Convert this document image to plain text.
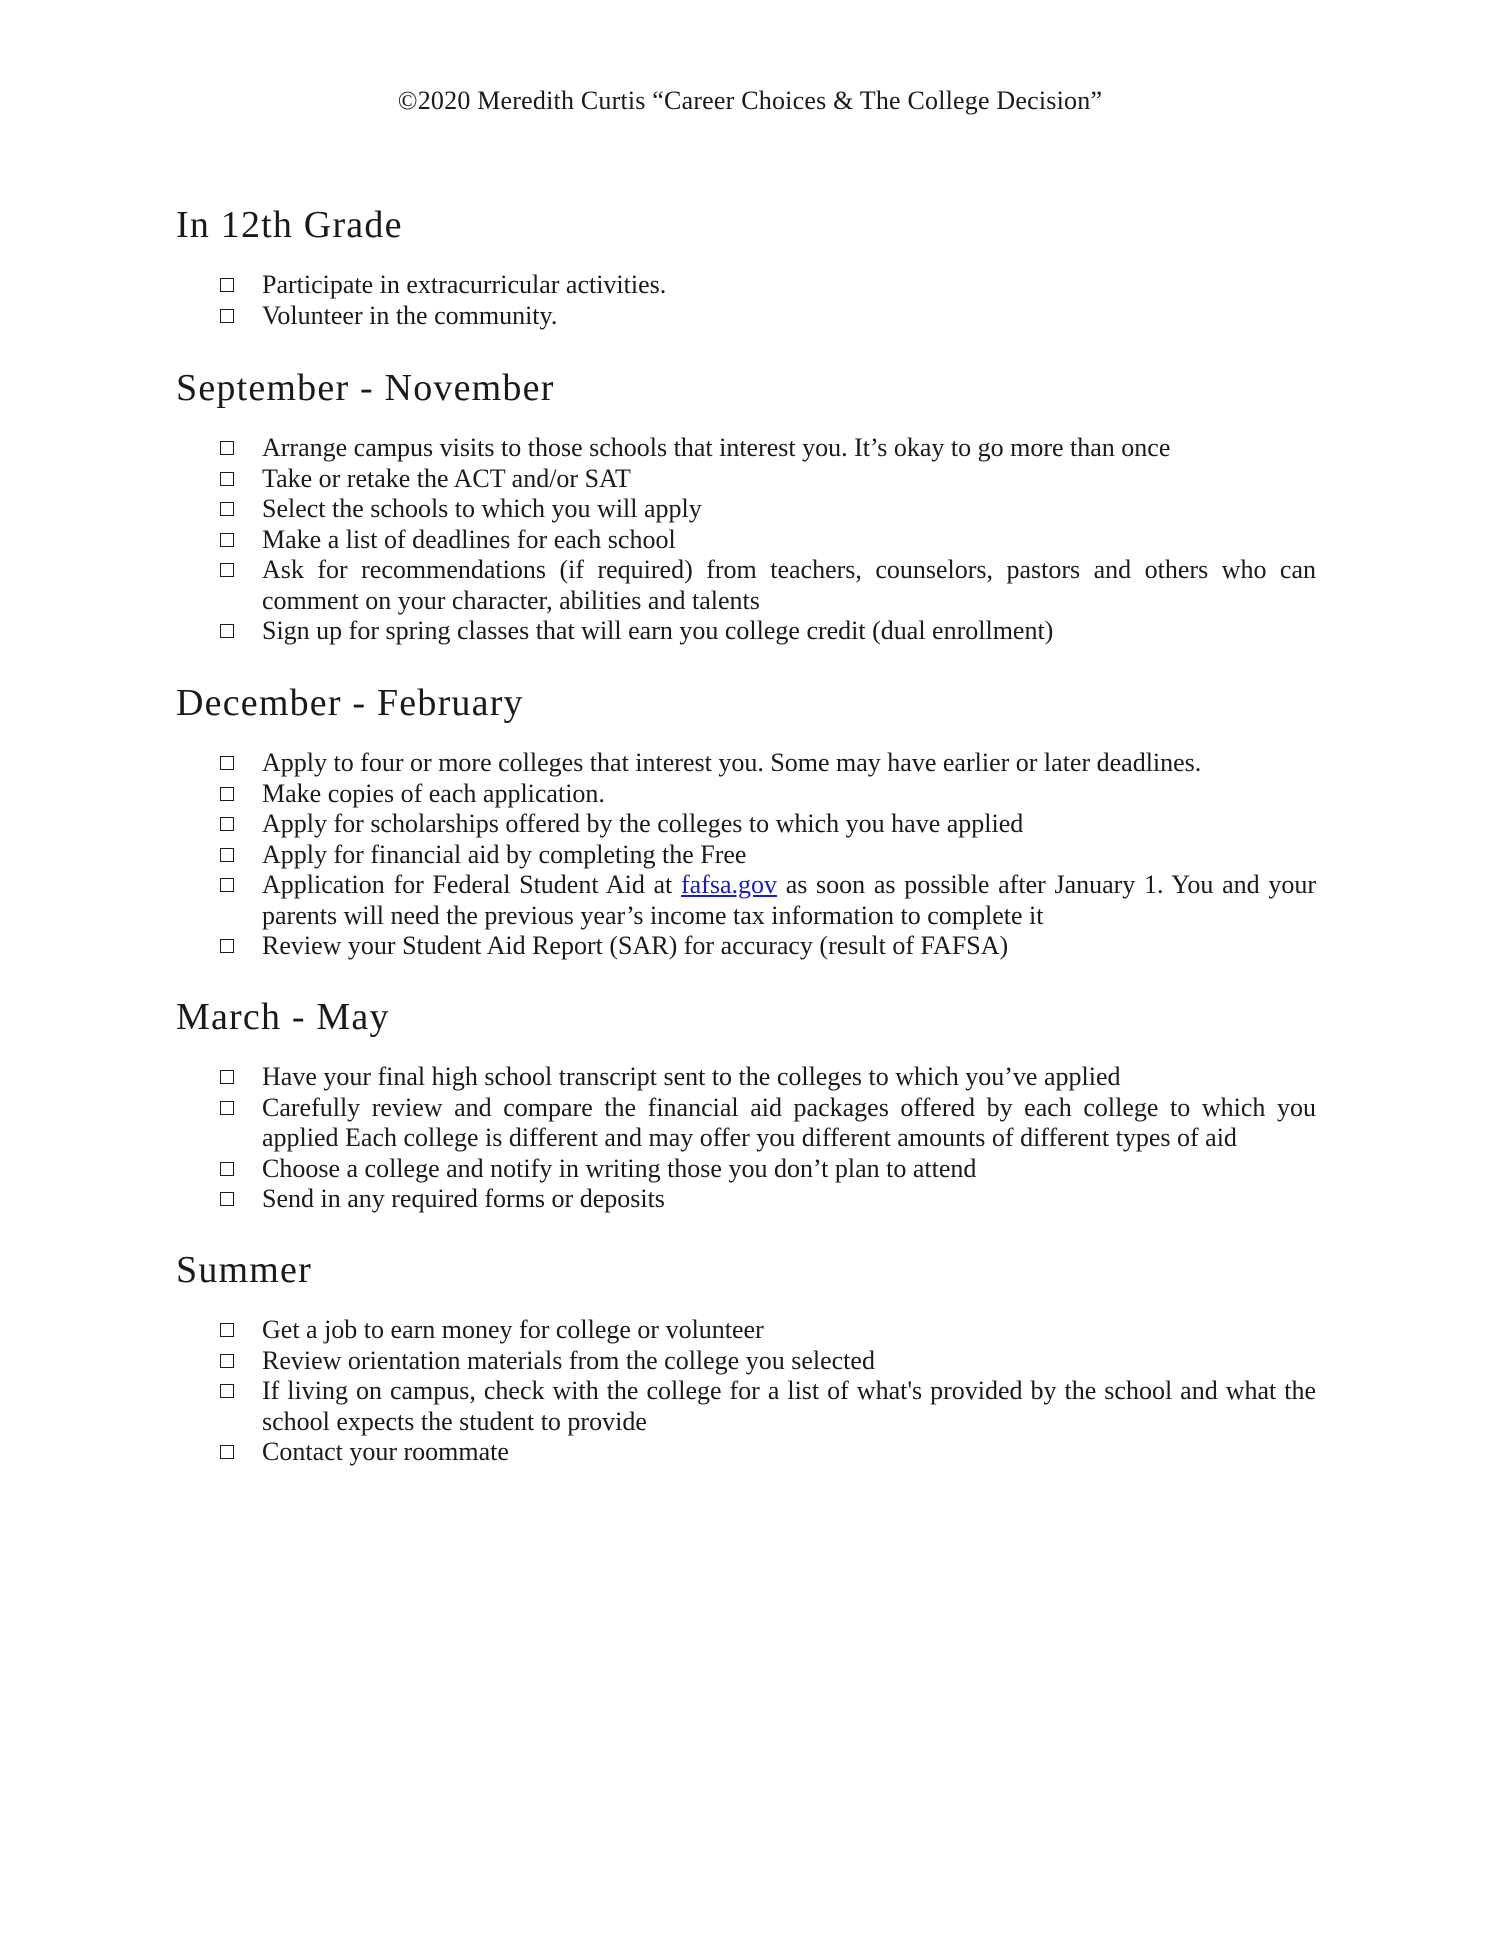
©2020 Meredith Curtis “Career Choices & The College Decision”
In 12th Grade
Participate in extracurricular activities.
Volunteer in the community.
September - November
Arrange campus visits to those schools that interest you. It’s okay to go more than once
Take or retake the ACT and/or SAT
Select the schools to which you will apply
Make a list of deadlines for each school
Ask for recommendations (if required) from teachers, counselors, pastors and others who can comment on your character, abilities and talents
Sign up for spring classes that will earn you college credit (dual enrollment)
December - February
Apply to four or more colleges that interest you. Some may have earlier or later deadlines.
Make copies of each application.
Apply for scholarships offered by the colleges to which you have applied
Apply for financial aid by completing the Free
Application for Federal Student Aid at fafsa.gov as soon as possible after January 1. You and your parents will need the previous year’s income tax information to complete it
Review your Student Aid Report (SAR) for accuracy (result of FAFSA)
March - May
Have your final high school transcript sent to the colleges to which you’ve applied
Carefully review and compare the financial aid packages offered by each college to which you applied Each college is different and may offer you different amounts of different types of aid
Choose a college and notify in writing those you don’t plan to attend
Send in any required forms or deposits
Summer
Get a job to earn money for college or volunteer
Review orientation materials from the college you selected
If living on campus, check with the college for a list of what's provided by the school and what the school expects the student to provide
Contact your roommate
